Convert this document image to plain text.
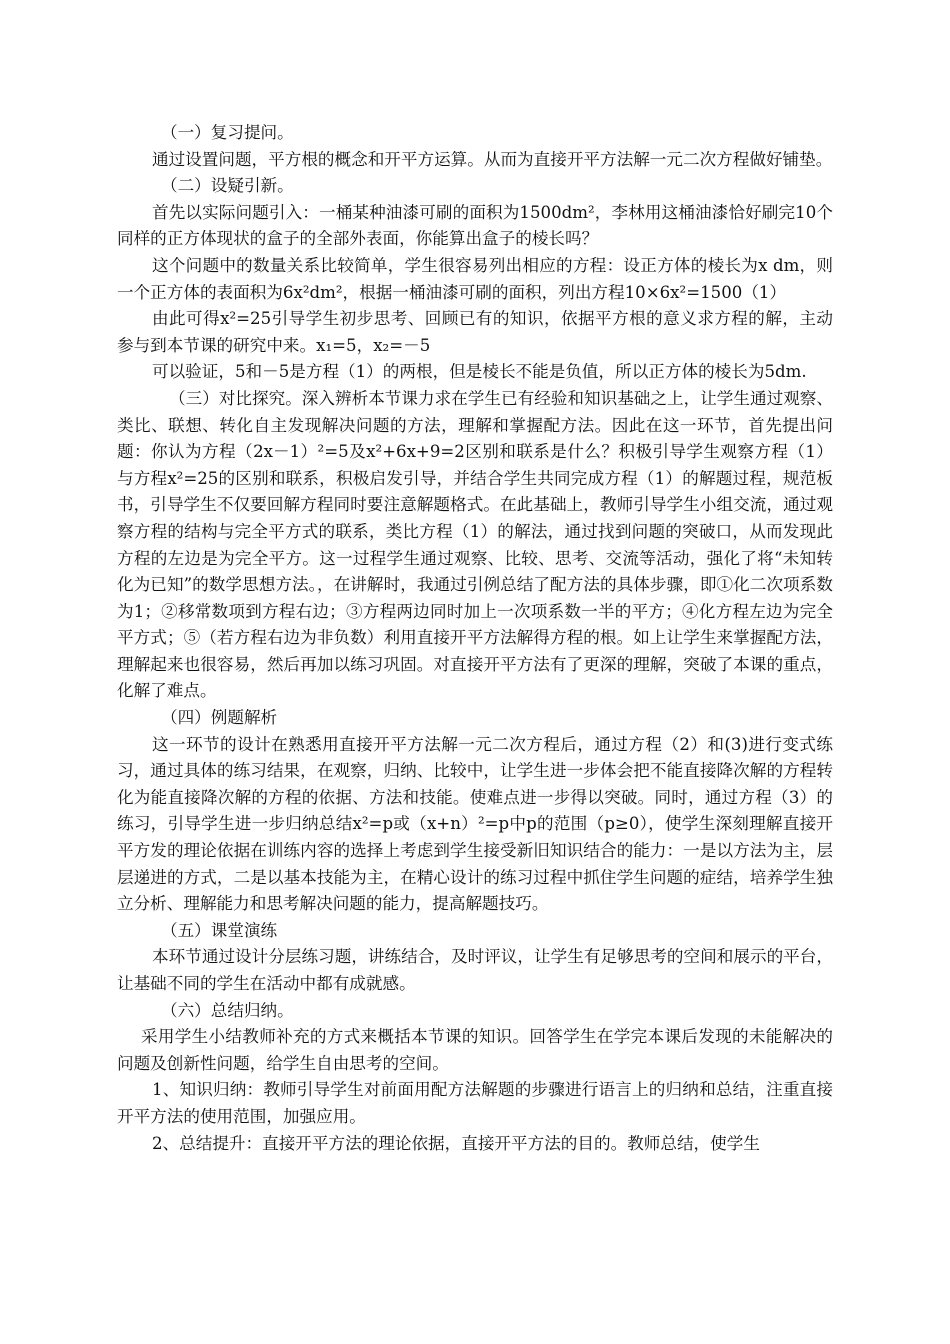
（一）复习提问。

通过设置问题，平方根的概念和开平方运算。从而为直接开平方法解一元二次方程做好铺垫。

（二）设疑引新。

首先以实际问题引入：一桶某种油漆可刷的面积为1500dm²，李林用这桶油漆恰好刷完10个同样的正方体现状的盒子的全部外表面，你能算出盒子的棱长吗？

这个问题中的数量关系比较简单，学生很容易列出相应的方程：设正方体的棱长为x dm，则一个正方体的表面积为6x²dm²，根据一桶油漆可刷的面积，列出方程10×6x²=1500（1）

由此可得x²=25引导学生初步思考、回顾已有的知识，依据平方根的意义求方程的解，主动参与到本节课的研究中来。x₁=5，x₂=－5

可以验证，5和－5是方程（1）的两根，但是棱长不能是负值，所以正方体的棱长为5dm.

（三）对比探究。深入辨析本节课力求在学生已有经验和知识基础之上，让学生通过观察、类比、联想、转化自主发现解决问题的方法，理解和掌握配方法。因此在这一环节，首先提出问题：你认为方程（2x－1）²=5及x²+6x+9=2区别和联系是什么？积极引导学生观察方程（1）与方程x²=25的区别和联系，积极启发引导，并结合学生共同完成方程（1）的解题过程，规范板书，引导学生不仅要回解方程同时要注意解题格式。在此基础上，教师引导学生小组交流，通过观察方程的结构与完全平方式的联系，类比方程（1）的解法，通过找到问题的突破口，从而发现此方程的左边是为完全平方。这一过程学生通过观察、比较、思考、交流等活动，强化了将“未知转化为已知”的数学思想方法。，在讲解时，我通过引例总结了配方法的具体步骤，即①化二次项系数为1；②移常数项到方程右边；③方程两边同时加上一次项系数一半的平方；④化方程左边为完全平方式；⑤（若方程右边为非负数）利用直接开平方法解得方程的根。如上让学生来掌握配方法，理解起来也很容易，然后再加以练习巩固。对直接开平方法有了更深的理解，突破了本课的重点，化解了难点。

（四）例题解析

这一环节的设计在熟悉用直接开平方法解一元二次方程后，通过方程（2）和(3)进行变式练习，通过具体的练习结果，在观察，归纳、比较中，让学生进一步体会把不能直接降次解的方程转化为能直接降次解的方程的依据、方法和技能。使难点进一步得以突破。同时，通过方程（3）的练习，引导学生进一步归纳总结x²=p或（x+n）²=p中p的范围（p≥0），使学生深刻理解直接开平方发的理论依据在训练内容的选择上考虑到学生接受新旧知识结合的能力：一是以方法为主，层层递进的方式，二是以基本技能为主，在精心设计的练习过程中抓住学生问题的症结，培养学生独立分析、理解能力和思考解决问题的能力，提高解题技巧。

（五）课堂演练

本环节通过设计分层练习题，讲练结合，及时评议，让学生有足够思考的空间和展示的平台，让基础不同的学生在活动中都有成就感。

（六）总结归纳。

采用学生小结教师补充的方式来概括本节课的知识。回答学生在学完本课后发现的未能解决的问题及创新性问题，给学生自由思考的空间。

1、知识归纳：教师引导学生对前面用配方法解题的步骤进行语言上的归纳和总结，注重直接开平方法的使用范围，加强应用。

2、总结提升：直接开平方法的理论依据，直接开平方法的目的。教师总结，使学生
